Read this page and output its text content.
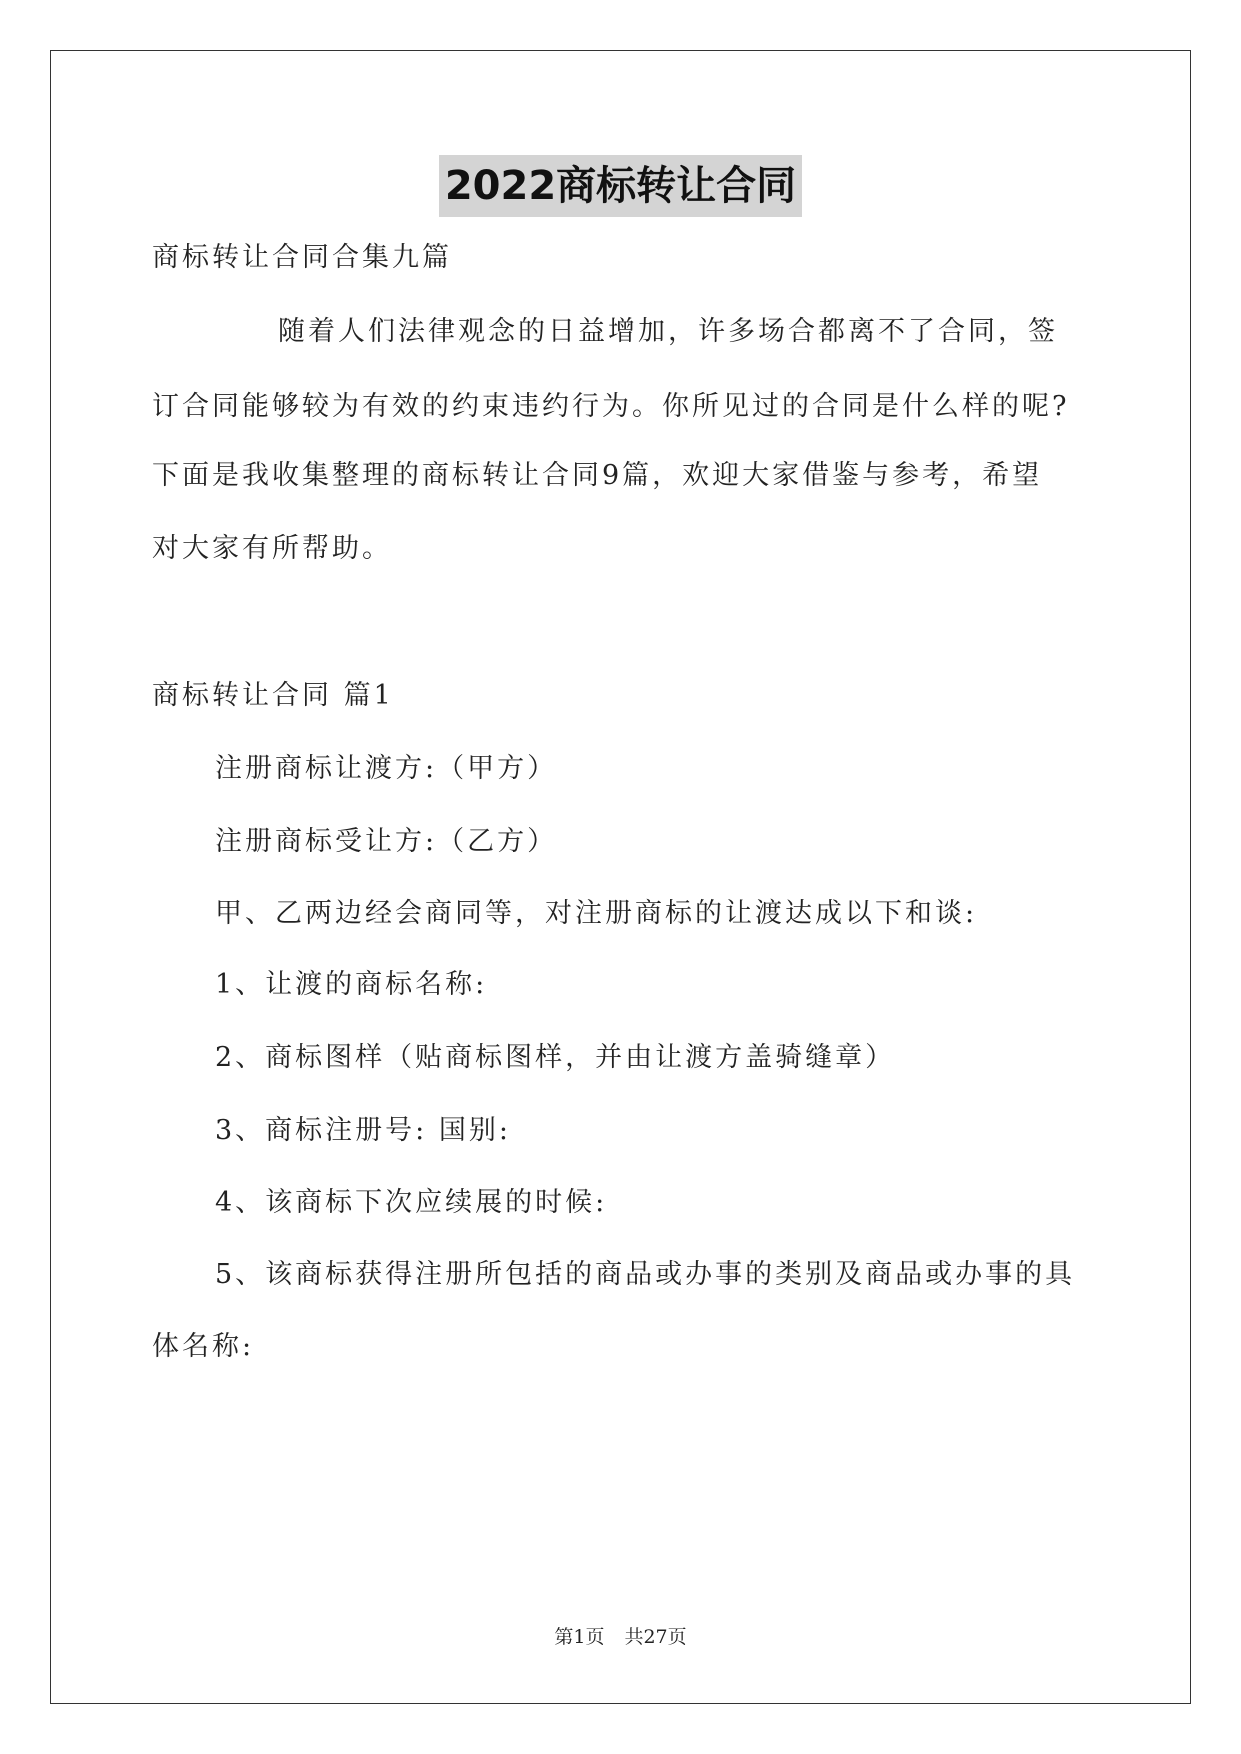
2022商标转让合同
商标转让合同合集九篇
随着人们法律观念的日益增加，许多场合都离不了合同，签
订合同能够较为有效的约束违约行为。你所见过的合同是什么样的呢?
下面是我收集整理的商标转让合同9篇，欢迎大家借鉴与参考，希望
对大家有所帮助。
商标转让合同 篇1
注册商标让渡方:（甲方）
注册商标受让方:（乙方）
甲、乙两边经会商同等，对注册商标的让渡达成以下和谈:
1、让渡的商标名称:
2、商标图样（贴商标图样，并由让渡方盖骑缝章）
3、商标注册号: 国别:
4、该商标下次应续展的时候:
5、该商标获得注册所包括的商品或办事的类别及商品或办事的具
体名称:
第1页 共27页
